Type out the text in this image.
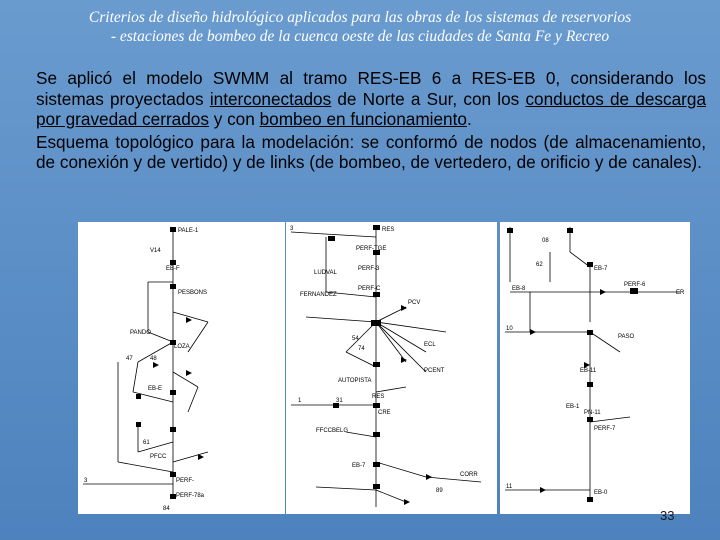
Criterios de diseño hidrológico aplicados para las obras de los sistemas de reservorios
- estaciones de bombeo de la cuenca oeste de las ciudades de Santa Fe y Recreo

Se aplicó el modelo SWMM al tramo RES-EB 6 a RES-EB 0, considerando los sistemas proyectados interconectados de Norte a Sur, con los conductos de descarga por gravedad cerrados y con bombeo en funcionamiento.

Esquema topológico para la modelación: se conformó de nodos (de almacenamiento, de conexión y de vertido) y de links (de bombeo, de vertedero, de orificio y de canales).

PALE-1
V14
EB-F
PESBONS
PANDO
LOZA
47	48
EB-E
61
PFCC
PERF-
3
PERF-78a
84
RES
PERF-TGE
PERF-3
LUDVAL
FERNANDEZ
PERF-C
PCV
54
74
ECL
PCENT
AUTOPISTA
31
RES
CRE
FFCCBELG
EB-7
CORR
3
1
89
08
EB-7
62
EB-8
PERF-6
ER
10
PASO
EB-11
EB-1
PN-11
PERF-7
EB-0
11
33
